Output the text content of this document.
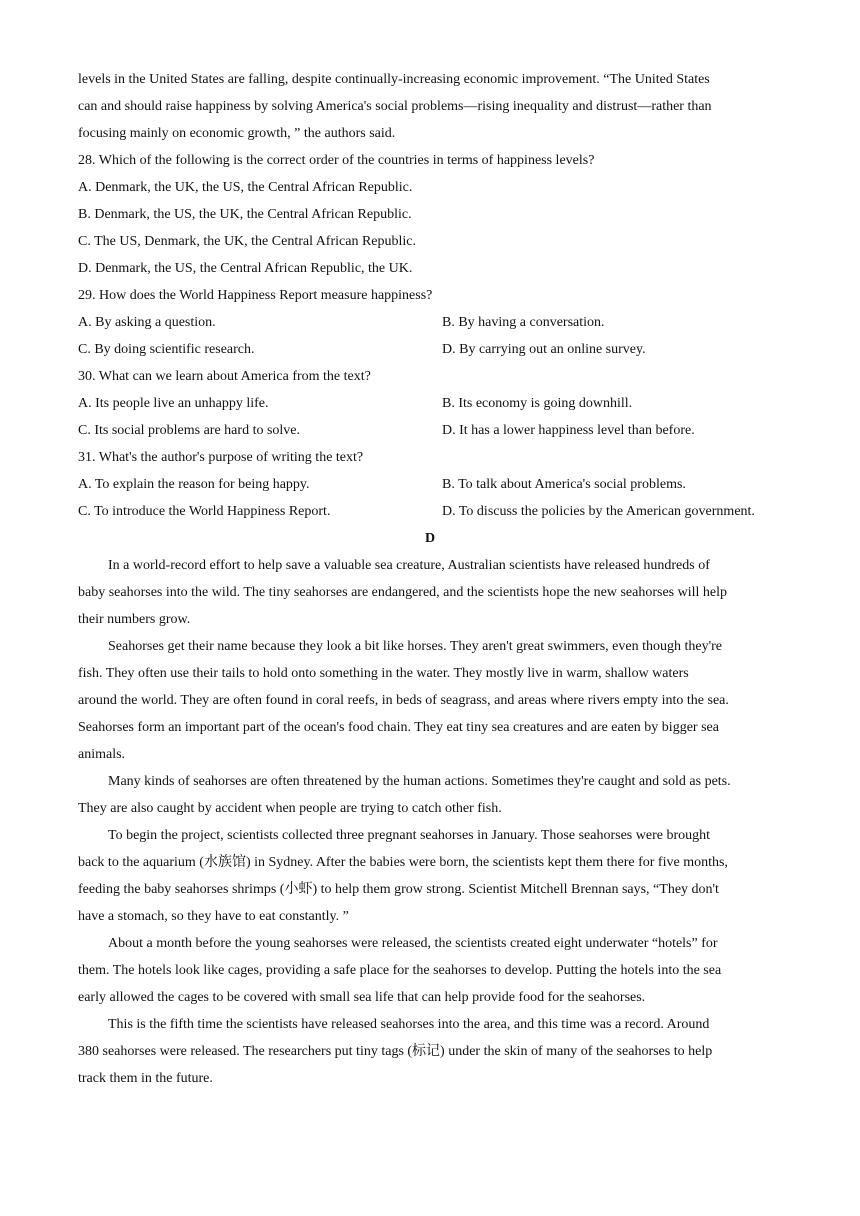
levels in the United States are falling, despite continually-increasing economic improvement. “The United States
can and should raise happiness by solving America's social problems—rising inequality and distrust—rather than
focusing mainly on economic growth, ” the authors said.
28. Which of the following is the correct order of the countries in terms of happiness levels?
A. Denmark, the UK, the US, the Central African Republic.
B. Denmark, the US, the UK, the Central African Republic.
C. The US, Denmark, the UK, the Central African Republic.
D. Denmark, the US, the Central African Republic, the UK.
29. How does the World Happiness Report measure happiness?
A. By asking a question.	B. By having a conversation.
C. By doing scientific research.	D. By carrying out an online survey.
30. What can we learn about America from the text?
A. Its people live an unhappy life.	B. Its economy is going downhill.
C. Its social problems are hard to solve.	D. It has a lower happiness level than before.
31. What's the author's purpose of writing the text?
A. To explain the reason for being happy.	B. To talk about America's social problems.
C. To introduce the World Happiness Report.	D. To discuss the policies by the American government.
D
In a world-record effort to help save a valuable sea creature, Australian scientists have released hundreds of
baby seahorses into the wild. The tiny seahorses are endangered, and the scientists hope the new seahorses will help
their numbers grow.
Seahorses get their name because they look a bit like horses. They aren't great swimmers, even though they're
fish. They often use their tails to hold onto something in the water. They mostly live in warm, shallow waters
around the world. They are often found in coral reefs, in beds of seagrass, and areas where rivers empty into the sea.
Seahorses form an important part of the ocean's food chain. They eat tiny sea creatures and are eaten by bigger sea
animals.
Many kinds of seahorses are often threatened by the human actions. Sometimes they're caught and sold as pets.
They are also caught by accident when people are trying to catch other fish.
To begin the project, scientists collected three pregnant seahorses in January. Those seahorses were brought
back to the aquarium (水族馆) in Sydney. After the babies were born, the scientists kept them there for five months,
feeding the baby seahorses shrimps (小虾) to help them grow strong. Scientist Mitchell Brennan says, “They don't
have a stomach, so they have to eat constantly. ”
About a month before the young seahorses were released, the scientists created eight underwater “hotels” for
them. The hotels look like cages, providing a safe place for the seahorses to develop. Putting the hotels into the sea
early allowed the cages to be covered with small sea life that can help provide food for the seahorses.
This is the fifth time the scientists have released seahorses into the area, and this time was a record. Around
380 seahorses were released. The researchers put tiny tags (标记) under the skin of many of the seahorses to help
track them in the future.
